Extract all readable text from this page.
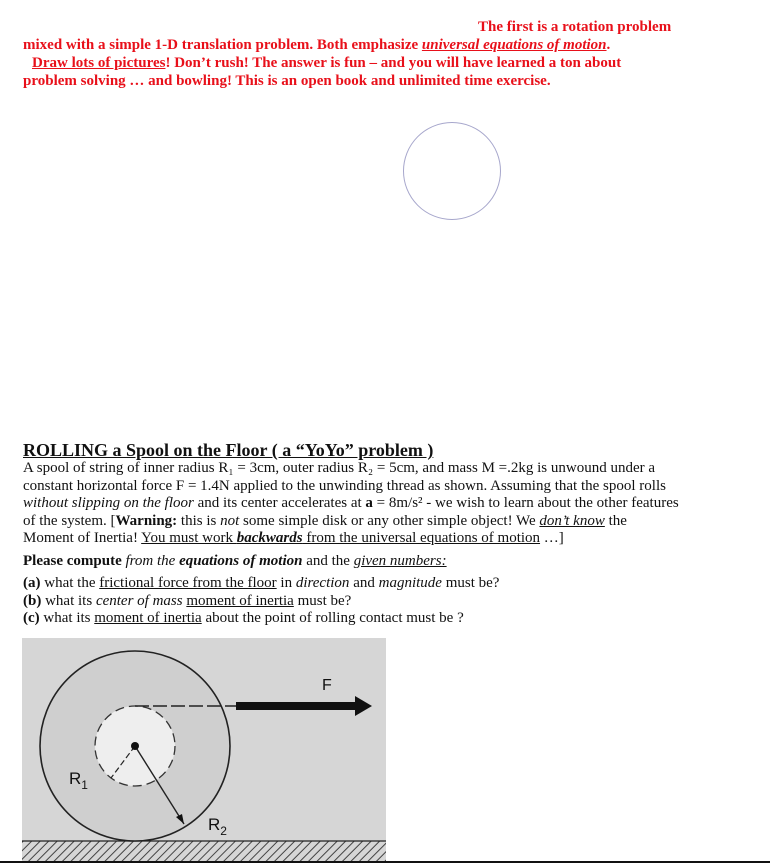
The first is a rotation problem
mixed with a simple 1-D translation problem. Both emphasize universal equations of motion.
Draw lots of pictures! Don’t rush! The answer is fun – and you will have learned a ton about
problem solving … and bowling! This is an open book and unlimited time exercise.
ROLLING a Spool on the Floor ( a “YoYo” problem )
A spool of string of inner radius R₁ = 3cm, outer radius R₂ = 5cm, and mass M =.2kg is unwound under a
constant horizontal force F = 1.4N applied to the unwinding thread as shown. Assuming that the spool rolls
without slipping on the floor and its center accelerates at a = 8m/s² - we wish to learn about the other features
of the system. [Warning: this is not some simple disk or any other simple object! We don’t know the
Moment of Inertia! You must work backwards from the universal equations of motion …]
Please compute from the equations of motion and the given numbers:
(a) what the frictional force from the floor in direction and magnitude must be?
(b) what its center of mass moment of inertia must be?
(c) what its moment of inertia about the point of rolling contact must be ?
F
$R_1$
$R_2$
